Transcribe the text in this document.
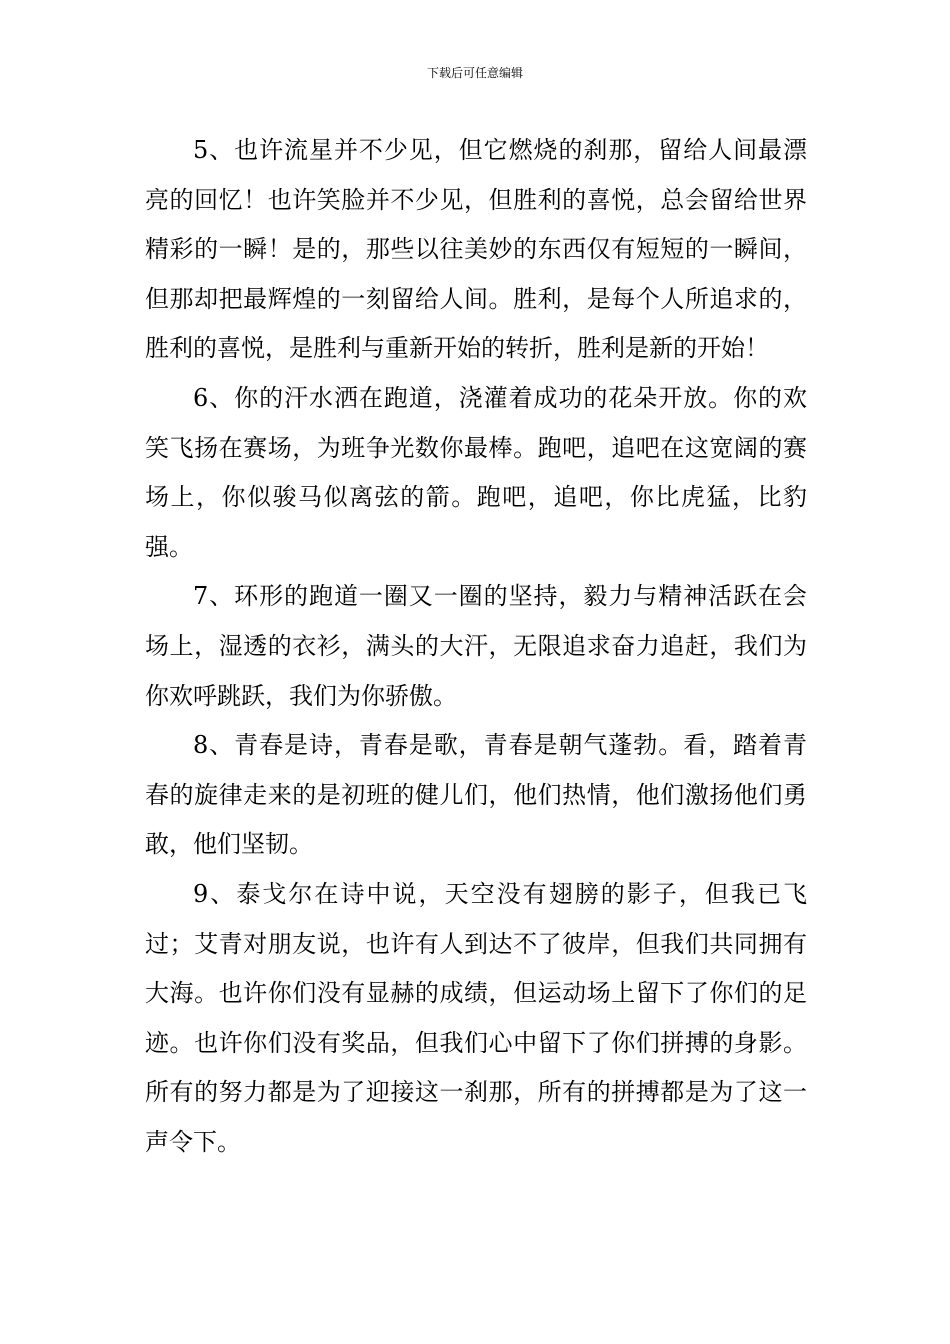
下载后可任意编辑

5、也许流星并不少见，但它燃烧的刹那，留给人间最漂亮的回忆！也许笑脸并不少见，但胜利的喜悦，总会留给世界精彩的一瞬！是的，那些以往美妙的东西仅有短短的一瞬间，但那却把最辉煌的一刻留给人间。胜利，是每个人所追求的，胜利的喜悦，是胜利与重新开始的转折，胜利是新的开始！

6、你的汗水洒在跑道，浇灌着成功的花朵开放。你的欢笑飞扬在赛场，为班争光数你最棒。跑吧，追吧在这宽阔的赛场上，你似骏马似离弦的箭。跑吧，追吧，你比虎猛，比豹强。

7、环形的跑道一圈又一圈的坚持，毅力与精神活跃在会场上，湿透的衣衫，满头的大汗，无限追求奋力追赶，我们为你欢呼跳跃，我们为你骄傲。

8、青春是诗，青春是歌，青春是朝气蓬勃。看，踏着青春的旋律走来的是初班的健儿们，他们热情，他们激扬他们勇敢，他们坚韧。

9、泰戈尔在诗中说，天空没有翅膀的影子，但我已飞过；艾青对朋友说，也许有人到达不了彼岸，但我们共同拥有大海。也许你们没有显赫的成绩，但运动场上留下了你们的足迹。也许你们没有奖品，但我们心中留下了你们拼搏的身影。所有的努力都是为了迎接这一刹那，所有的拼搏都是为了这一声令下。
